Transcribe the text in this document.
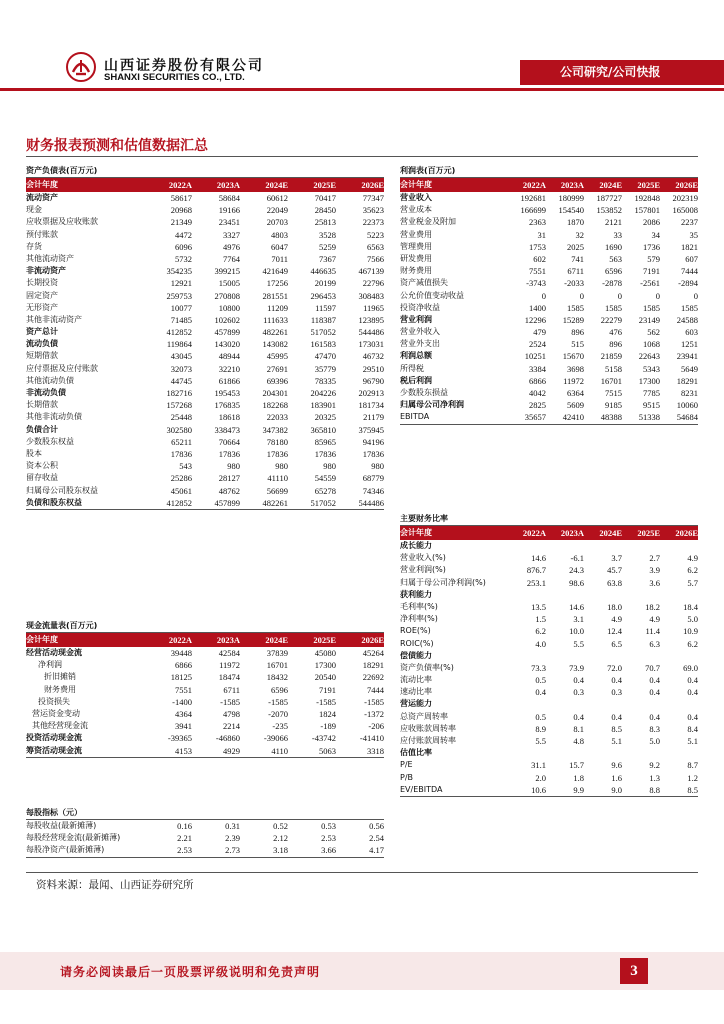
山西证券股份有限公司
SHANXI SECURITIES CO., LTD.	公司研究/公司快报
财务报表预测和估值数据汇总
资产负债表(百万元)
会计年度	2022A	2023A	2024E	2025E	2026E
流动资产	58617	58684	60612	70417	77347
现金	20968	19166	22049	28450	35623
应收票据及应收账款	21349	23451	20703	25813	22373
预付账款	4472	3327	4803	3528	5223
存货	6096	4976	6047	5259	6563
其他流动资产	5732	7764	7011	7367	7566
非流动资产	354235	399215	421649	446635	467139
长期投资	12921	15005	17256	20199	22796
固定资产	259753	270808	281551	296453	308483
无形资产	10077	10800	11209	11597	11965
其他非流动资产	71485	102602	111633	118387	123895
资产总计	412852	457899	482261	517052	544486
流动负债	119864	143020	143082	161583	173031
短期借款	43045	48944	45995	47470	46732
应付票据及应付账款	32073	32210	27691	35779	29510
其他流动负债	44745	61866	69396	78335	96790
非流动负债	182716	195453	204301	204226	202913
长期借款	157268	176835	182268	183901	181734
其他非流动负债	25448	18618	22033	20325	21179
负债合计	302580	338473	347382	365810	375945
少数股东权益	65211	70664	78180	85965	94196
股本	17836	17836	17836	17836	17836
资本公积	543	980	980	980	980
留存收益	25286	28127	41110	54559	68779
归属母公司股东权益	45061	48762	56699	65278	74346
负债和股东权益	412852	457899	482261	517052	544486
现金流量表(百万元)
会计年度	2022A	2023A	2024E	2025E	2026E
经营活动现金流	39448	42584	37839	45080	45264
净利润	6866	11972	16701	17300	18291
折旧摊销	18125	18474	18432	20540	22692
财务费用	7551	6711	6596	7191	7444
投资损失	-1400	-1585	-1585	-1585	-1585
营运资金变动	4364	4798	-2070	1824	-1372
其他经营现金流	3941	2214	-235	-189	-206
投资活动现金流	-39365	-46860	-39066	-43742	-41410
筹资活动现金流	4153	4929	4110	5063	3318
每股指标（元）
每股收益(最新摊薄)	0.16	0.31	0.52	0.53	0.56
每股经营现金流(最新摊薄)	2.21	2.39	2.12	2.53	2.54
每股净资产(最新摊薄)	2.53	2.73	3.18	3.66	4.17
利润表(百万元)
会计年度	2022A	2023A	2024E	2025E	2026E
营业收入	192681	180999	187727	192848	202319
营业成本	166699	154540	153852	157801	165008
营业税金及附加	2363	1870	2121	2086	2237
营业费用	31	32	33	34	35
管理费用	1753	2025	1690	1736	1821
研发费用	602	741	563	579	607
财务费用	7551	6711	6596	7191	7444
资产减值损失	-3743	-2033	-2878	-2561	-2894
公允价值变动收益	0	0	0	0	0
投资净收益	1400	1585	1585	1585	1585
营业利润	12296	15289	22279	23149	24588
营业外收入	479	896	476	562	603
营业外支出	2524	515	896	1068	1251
利润总额	10251	15670	21859	22643	23941
所得税	3384	3698	5158	5343	5649
税后利润	6866	11972	16701	17300	18291
少数股东损益	4042	6364	7515	7785	8231
归属母公司净利润	2825	5609	9185	9515	10060
EBITDA	35657	42410	48388	51338	54684
主要财务比率
会计年度	2022A	2023A	2024E	2025E	2026E
成长能力
营业收入(%)	14.6	-6.1	3.7	2.7	4.9
营业利润(%)	876.7	24.3	45.7	3.9	6.2
归属于母公司净利润(%)	253.1	98.6	63.8	3.6	5.7
获利能力
毛利率(%)	13.5	14.6	18.0	18.2	18.4
净利率(%)	1.5	3.1	4.9	4.9	5.0
ROE(%)	6.2	10.0	12.4	11.4	10.9
ROIC(%)	4.0	5.5	6.5	6.3	6.2
偿债能力
资产负债率(%)	73.3	73.9	72.0	70.7	69.0
流动比率	0.5	0.4	0.4	0.4	0.4
速动比率	0.4	0.3	0.3	0.4	0.4
营运能力
总资产周转率	0.5	0.4	0.4	0.4	0.4
应收账款周转率	8.9	8.1	8.5	8.3	8.4
应付账款周转率	5.5	4.8	5.1	5.0	5.1
估值比率
P/E	31.1	15.7	9.6	9.2	8.7
P/B	2.0	1.8	1.6	1.3	1.2
EV/EBITDA	10.6	9.9	9.0	8.8	8.5
资料来源：最闻、山西证券研究所
请务必阅读最后一页股票评级说明和免责声明	3
